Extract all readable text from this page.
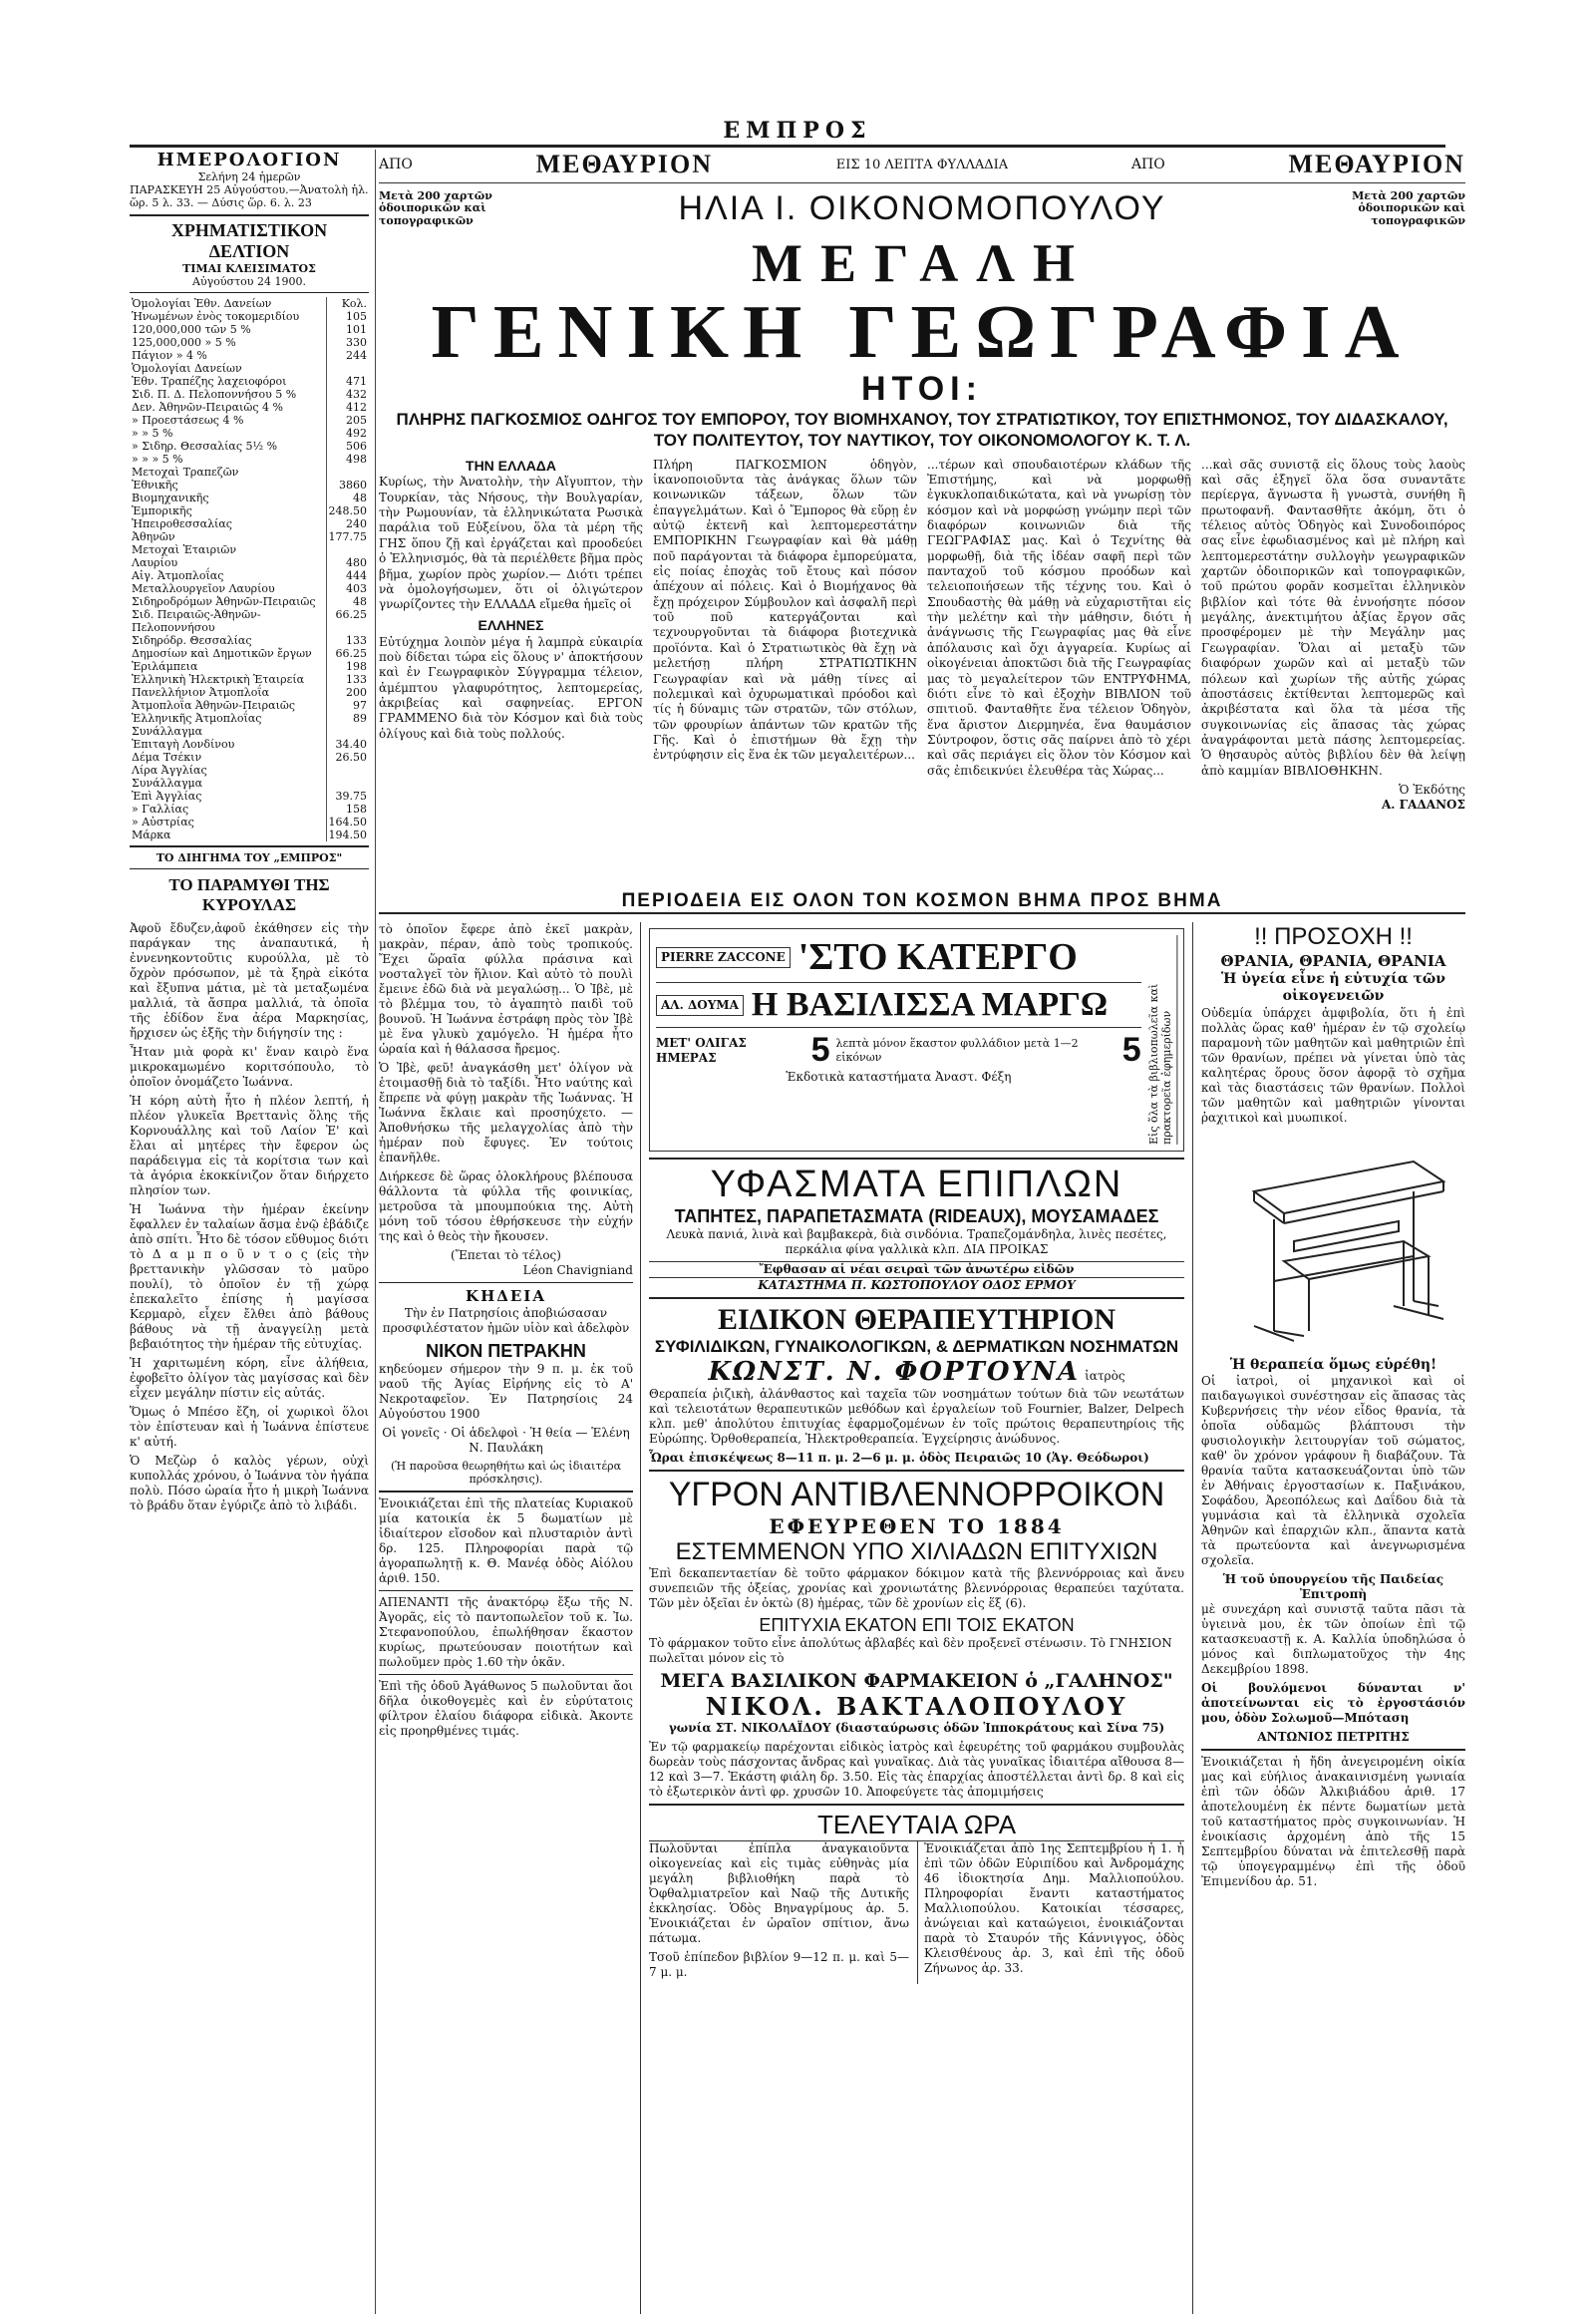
ΕΜΠΡΟΣ
ΗΜΕΡΟΛΟΓΙΟΝ
Σελήνη 24 ἡμερῶν
ΠΑΡΑΣΚΕΥΗ 25 Αὐγούστου.—Ἀνατολὴ ἡλ. ὥρ. 5 λ. 33. — Δύσις ὥρ. 6. λ. 23
ΧΡΗΜΑΤΙΣΤΙΚΟΝ ΔΕΛΤΙΟΝ
ΤΙΜΑΙ ΚΛΕΙΣΙΜΑΤΟΣ
Αὐγούστου 24 1900.
Ὁμολογίαι Ἐθν. Δανείων	Κολ.
Ἡνωμένων ἐνὸς τοκομεριδίου	105
120,000,000 τῶν 5 %	101
125,000,000 » 5 %	330
Πάγιον » 4 %	244
Ὁμολογίαι Δανείων	
Ἐθν. Τραπέζης λαχειοφόροι	471
Σιδ. Π. Δ. Πελοποννήσου 5 %	432
Δεν. Ἀθηνῶν-Πειραιῶς 4 %	412
» Προεστάσεως 4 %	205
» » 5 %	492
» Σιδηρ. Θεσσαλίας 5½ %	506
» » » 5 %	498
Μετοχαὶ Τραπεζῶν	
Ἐθνικῆς	3860
Βιομηχανικῆς	48
Ἐμπορικῆς	248.50
Ἠπειροθεσσαλίας	240
Ἀθηνῶν	177.75
Μετοχαὶ Ἑταιριῶν	
Λαυρίου	480
Αἰγ. Ἀτμοπλοΐας	444
Μεταλλουργεῖον Λαυρίου	403
Σιδηροδρόμων Ἀθηνῶν-Πειραιῶς	48
Σιδ. Πειραιῶς-Ἀθηνῶν-Πελοποννήσου	66.25
Σιδηρόδρ. Θεσσαλίας	133
Δημοσίων καὶ Δημοτικῶν ἔργων	66.25
Ἐριλάμπεια	198
Ἑλληνικὴ Ἠλεκτρικὴ Ἑταιρεία	133
Πανελλήνιον Ἀτμοπλοΐα	200
Ἀτμοπλοΐα Ἀθηνῶν-Πειραιῶς	97
Ἑλληνικῆς Ἀτμοπλοΐας	89
Συνάλλαγμα	
Ἐπιταγὴ Λονδίνου	34.40
Δέμα Τσέκιν	26.50
Λίρα Ἀγγλίας	
Συνάλλαγμα	
Ἐπὶ Ἀγγλίας	39.75
» Γαλλίας	158
» Αὐστρίας	164.50
Μάρκα	194.50
ΤΟ ΔΙΗΓΗΜΑ ΤΟΥ „ΕΜΠΡΟΣ"
ΤΟ ΠΑΡΑΜΥΘΙ ΤΗΣ ΚΥΡΟΥΛΑΣ

Ἀφοῦ ἔδυζεν,ἀφοῦ ἐκάθησεν εἰς τὴν παράγκαν της ἀναπαυτικά, ἡ ἐννενηκοντοῦτις κυρούλλα, μὲ τὸ ὄχρὸν πρόσωπον, μὲ τὰ ξηρὰ εἰκότα καὶ ἔξυπνα μάτια, μὲ τὰ μεταξωμένα μαλλιά, τὰ ἄσπρα μαλλιά, τὰ ὁποῖα τῆς ἐδίδον ἕνα ἀέρα Μαρκησίας, ἤρχισεν ὡς ἑξῆς τὴν διήγησίν της :

Ἦταν μιὰ φορὰ κι' ἕναν καιρὸ ἕνα μικροκαμωμένο κοριτσόπουλο, τὸ ὁποῖον ὀνομάζετο Ἰωάννα.

Ἡ κόρη αὐτὴ ἦτο ἡ πλέον λεπτή, ἡ πλέον γλυκεῖα Βρεττανὶς ὅλης τῆς Κορνουάλλης καὶ τοῦ Λαίον Ἐ' καὶ ἔλαι αἱ μητέρες τὴν ἔφερον ὡς παράδειγμα εἰς τὰ κορίτσια των καὶ τὰ ἀγόρια ἐκοκκίνιζον ὅταν διήρχετο πλησίον των.

Ἡ Ἰωάννα τὴν ἡμέραν ἐκείνην ἔφαλλεν ἐν ταλαίων ἄσμα ἐνῷ ἐβάδιζε ἀπὸ σπίτι. Ἦτο δὲ τόσον εὔθυμος διότι τὸ Δ α μ π ο ῦ ν τ ο ς (εἰς τὴν βρεττανικὴν γλῶσσαν τὸ μαῦρο πουλί), τὸ ὁποῖον ἐν τῇ χώρᾳ ἐπεκαλεῖτο ἐπίσης ἡ μαγίσσα Κερμαρὸ, εἶχεν ἔλθει ἀπὸ βάθους βάθους νὰ τῇ ἀναγγείλῃ μετὰ βεβαιότητος τὴν ἡμέραν τῆς εὐτυχίας.

Ἡ χαριτωμένη κόρη, εἶνε ἀλήθεια, ἐφοβεῖτο ὀλίγον τὰς μαγίσσας καὶ δὲν εἶχεν μεγάλην πίστιν εἰς αὐτάς.

Ὅμως ὁ Μπέσο ἔζη, οἱ χωρικοὶ ὅλοι τὸν ἐπίστευαν καὶ ἡ Ἰωάννα ἐπίστευε κ' αὐτή.

Ὁ Μεζὼρ ὁ καλὸς γέρων, οὐχὶ κυπολλάς χρόνου, ὁ Ἰωάννα τὸν ἠγάπα πολὺ. Πόσο ὡραία ἦτο ἡ μικρὴ Ἰωάννα τὸ βράδυ ὅταν ἐγύριζε ἀπὸ τὸ λιβάδι.

ΑΠΟ	ΜΕΘΑΥΡΙΟΝ	ΕΙΣ 10 ΛΕΠΤΑ ΦΥΛΛΑΔΙΑ	ΑΠΟ	ΜΕΘΑΥΡΙΟΝ
Μετὰ 200 χαρτῶν ὁδοιπορικῶν καὶ τοπογραφικῶν	ΗΛΙΑ Ι. ΟΙΚΟΝΟΜΟΠΟΥΛΟΥ	Μετὰ 200 χαρτῶν ὁδοιπορικῶν καὶ τοπογραφικῶν
ΜΕΓΑΛΗ
ΓΕΝΙΚΗ ΓΕΩΓΡΑΦΙΑ
ΗΤΟΙ:
ΠΛΗΡΗΣ ΠΑΓΚΟΣΜΙΟΣ ΟΔΗΓΟΣ ΤΟΥ ΕΜΠΟΡΟΥ, ΤΟΥ ΒΙΟΜΗΧΑΝΟΥ, ΤΟΥ ΣΤΡΑΤΙΩΤΙΚΟΥ, ΤΟΥ ΕΠΙΣΤΗΜΟΝΟΣ, ΤΟΥ ΔΙΔΑΣΚΑΛΟΥ, ΤΟΥ ΠΟΛΙΤΕΥΤΟΥ, ΤΟΥ ΝΑΥΤΙΚΟΥ, ΤΟΥ ΟΙΚΟΝΟΜΟΛΟΓΟΥ Κ. Τ. Λ.
ΤΗΝ ΕΛΛΑΔΑ

Κυρίως, τὴν Ἀνατολὴν, τὴν Αἴγυπτον, τὴν Τουρκίαν, τὰς Νήσους, τὴν Βουλγαρίαν, τὴν Ρωμουνίαν, τὰ ἑλληνικώτατα Ρωσικὰ παράλια τοῦ Εὐξείνου, ὅλα τὰ μέρη τῆς ΓΗΣ ὅπου ζῇ καὶ ἐργάζεται καὶ προοδεύει ὁ Ἑλληνισμός, θὰ τὰ περιέλθετε βῆμα πρὸς βῆμα, χωρίον πρὸς χωρίον.— Διότι τρέπει νὰ ὁμολογήσωμεν, ὅτι οἱ ὀλιγώτερον γνωρίζοντες τὴν ΕΛΛΑΔΑ εἴμεθα ἡμεῖς οἱ

ΕΛΛΗΝΕΣ

Εὐτύχημα λοιπὸν μέγα ἡ λαμπρὰ εὐκαιρία ποὺ δίδεται τώρα εἰς ὅλους ν' ἀποκτήσουν καὶ ἐν Γεωγραφικὸν Σύγγραμμα τέλειον, ἀμέμπτου γλαφυρότητος, λεπτομερείας, ἀκριβείας καὶ σαφηνείας. ΕΡΓΟΝ ΓΡΑΜΜΕΝΟ διὰ τὸν Κόσμον καὶ διὰ τοὺς ὀλίγους καὶ διὰ τοὺς πολλούς.

Πλήρη ΠΑΓΚΟΣΜΙΟΝ ὁδηγὸν, ἱκανοποιοῦντα τὰς ἀνάγκας ὅλων τῶν κοινωνικῶν τάξεων, ὅλων τῶν ἐπαγγελμάτων. Καὶ ὁ Ἔμπορος θὰ εὕρῃ ἐν αὐτῷ ἐκτενῆ καὶ λεπτομερεστάτην ΕΜΠΟΡΙΚΗΝ Γεωγραφίαν καὶ θὰ μάθῃ ποῦ παράγονται τὰ διάφορα ἐμπορεύματα, εἰς ποίας ἐποχὰς τοῦ ἔτους καὶ πόσον ἀπέχουν αἱ πόλεις. Καὶ ὁ Βιομήχανος θὰ ἔχῃ πρόχειρον Σύμβουλον καὶ ἀσφαλῆ περὶ τοῦ ποῦ κατεργάζονται καὶ τεχνουργοῦνται τὰ διάφορα βιοτεχνικὰ προϊόντα. Καὶ ὁ Στρατιωτικὸς θὰ ἔχῃ νὰ μελετήσῃ πλήρη ΣΤΡΑΤΙΩΤΙΚΗΝ Γεωγραφίαν καὶ νὰ μάθῃ τίνες αἱ πολεμικαὶ καὶ ὀχυρωματικαὶ πρόοδοι καὶ τίς ἡ δύναμις τῶν στρατῶν, τῶν στόλων, τῶν φρουρίων ἁπάντων τῶν κρατῶν τῆς Γῆς. Καὶ ὁ ἐπιστήμων θὰ ἔχῃ τὴν ἐντρύφησιν εἰς ἕνα ἐκ τῶν μεγαλειτέρων...

...τέρων καὶ σπουδαιοτέρων κλάδων τῆς Ἐπιστήμης, καὶ νὰ μορφωθῇ ἐγκυκλοπαιδικώτατα, καὶ νὰ γνωρίσῃ τὸν κόσμον καὶ νὰ μορφώσῃ γνώμην περὶ τῶν διαφόρων κοινωνιῶν διὰ τῆς ΓΕΩΓΡΑΦΙΑΣ μας. Καὶ ὁ Τεχνίτης θὰ μορφωθῇ, διὰ τῆς ἰδέαν σαφῆ περὶ τῶν πανταχοῦ τοῦ κόσμου προόδων καὶ τελειοποιήσεων τῆς τέχνης του. Καὶ ὁ Σπουδαστὴς θὰ μάθῃ νὰ εὐχαριστῆται εἰς τὴν μελέτην καὶ τὴν μάθησιν, διότι ἡ ἀνάγνωσις τῆς Γεωγραφίας μας θὰ εἶνε ἀπόλαυσις καὶ ὄχι ἀγγαρεία. Κυρίως αἱ οἰκογένειαι ἀποκτῶσι διὰ τῆς Γεωγραφίας μας τὸ μεγαλείτερον τῶν ΕΝΤΡΥΦΗΜΑ, διότι εἶνε τὸ καὶ ἐξοχὴν ΒΙΒΛΙΟΝ τοῦ σπιτιοῦ. Φανταθῆτε ἕνα τέλειον Ὁδηγὸν, ἕνα ἄριστον Διερμηνέα, ἕνα θαυμάσιον Σύντροφον, ὅστις σᾶς παίρνει ἀπὸ τὸ χέρι καὶ σᾶς περιάγει εἰς ὅλον τὸν Κόσμον καὶ σᾶς ἐπιδεικνύει ἐλευθέρα τὰς Χώρας...

...καὶ σᾶς συνιστᾷ εἰς ὅλους τοὺς λαοὺς καὶ σᾶς ἐξηγεῖ ὅλα ὅσα συναντᾶτε περίεργα, ἄγνωστα ἢ γνωστὰ, συνήθη ἢ πρωτοφανῆ. Φαντασθῆτε ἀκόμη, ὅτι ὁ τέλειος αὐτὸς Ὁδηγὸς καὶ Συνοδοιπόρος σας εἶνε ἐφωδιασμένος καὶ μὲ πλήρη καὶ λεπτομερεστάτην συλλογὴν γεωγραφικῶν χαρτῶν ὁδοιπορικῶν καὶ τοπογραφικῶν, τοῦ πρώτου φορᾶν κοσμεῖται ἑλληνικὸν βιβλίον καὶ τότε θὰ ἐννοήσητε πόσον μεγάλης, ἀνεκτιμήτου ἀξίας ἔργον σᾶς προσφέρομεν μὲ τὴν Μεγάλην μας Γεωγραφίαν. Ὅλαι αἱ μεταξὺ τῶν διαφόρων χωρῶν καὶ αἱ μεταξὺ τῶν πόλεων καὶ χωρίων τῆς αὐτῆς χώρας ἀποστάσεις ἐκτίθενται λεπτομερῶς καὶ ἀκριβέστατα καὶ ὅλα τὰ μέσα τῆς συγκοινωνίας εἰς ἅπασας τὰς χώρας ἀναγράφονται μετὰ πάσης λεπτομερείας. Ὁ θησαυρὸς αὐτὸς βιβλίου δὲν θὰ λείψῃ ἀπὸ καμμίαν ΒΙΒΛΙΟΘΗΚΗΝ.

Ὁ Ἐκδότης
Α. ΓΑΔΑΝΟΣ
ΠΕΡΙΟΔΕΙΑ ΕΙΣ ΟΛΟΝ ΤΟΝ ΚΟΣΜΟΝ ΒΗΜΑ ΠΡΟΣ ΒΗΜΑ

τὸ ὁποῖον ἔφερε ἀπὸ ἐκεῖ μακρὰν, μακρὰν, πέραν, ἀπὸ τοὺς τροπικούς. Ἔχει ὥραῖα φύλλα πράσινα καὶ νοσταλγεῖ τὸν ἥλιον. Καὶ αὐτὸ τὸ πουλὶ ἔμεινε ἐδῶ διὰ νὰ μεγαλώσῃ... Ὁ Ἰβὲ, μὲ τὸ βλέμμα του, τὸ ἀγαπητὸ παιδὶ τοῦ βουνοῦ. Ἡ Ἰωάννα ἐστράφη πρὸς τὸν Ἰβὲ μὲ ἕνα γλυκὺ χαμόγελο. Ἡ ἡμέρα ἦτο ὡραία καὶ ἡ θάλασσα ἤρεμος.

Ὁ Ἰβὲ, φεῦ! ἀναγκάσθη μετ' ὀλίγον νὰ ἑτοιμασθῇ διὰ τὸ ταξίδι. Ἦτο ναύτης καὶ ἔπρεπε νὰ φύγῃ μακρὰν τῆς Ἰωάννας. Ἡ Ἰωάννα ἔκλαιε καὶ προσηύχετο. — Ἀποθνήσκω τῆς μελαγχολίας ἀπὸ τὴν ἡμέραν ποὺ ἔφυγες. Ἐν τούτοις ἐπανῆλθε.

Διήρκεσε δὲ ὥρας ὁλοκλήρους βλέπουσα θάλλοντα τὰ φύλλα τῆς φοινικίας, μετροῦσα τὰ μπουμπούκια της. Αὐτὴ μόνη τοῦ τόσου ἐθρήσκευσε τὴν εὐχήν της καὶ ὁ θεὸς τὴν ἤκουσεν.

(Ἔπεται τὸ τέλος)
Léon Chavigniand
ΚΗΔΕΙΑ

Τὴν ἐν Πατρησίοις ἀποβιώσασαν προσφιλέστατον ἡμῶν υἱὸν καὶ ἀδελφὸν

ΝΙΚΟΝ ΠΕΤΡΑΚΗΝ

κηδεύομεν σήμερον τὴν 9 π. μ. ἐκ τοῦ ναοῦ τῆς Ἁγίας Εἰρήνης εἰς τὸ Α' Νεκροταφεῖον. Ἐν Πατρησίοις 24 Αὐγούστου 1900

Οἱ γονεῖς · Οἱ ἀδελφοὶ · Ἡ θεία — Ἑλένη Ν. Παυλάκη

(Ἡ παροῦσα θεωρηθήτω καὶ ὡς ἰδιαιτέρα πρόσκλησις).

Ἐνοικιάζεται ἐπὶ τῆς πλατείας Κυριακοῦ μία κατοικία ἐκ 5 δωματίων μὲ ἰδιαίτερον εἴσοδον καὶ πλυσταριὸν ἀντὶ δρ. 125. Πληροφορίαι παρὰ τῷ ἀγοραπωλητῇ κ. Θ. Μανέᾳ ὁδὸς Αἰόλου ἀριθ. 150.

ΑΠΕΝΑΝΤΙ τῆς ἀνακτόρῳ ἔξω τῆς Ν. Ἀγορᾶς, εἰς τὸ παντοπωλεῖον τοῦ κ. Ἰω. Στεφανοπούλου, ἐπωλήθησαν ἕκαστον κυρίως, πρωτεύουσαν ποιοτήτων καὶ πωλοῦμεν πρὸς 1.60 τὴν ὀκᾶν.

Ἐπὶ τῆς ὁδοῦ Ἀγάθωνος 5 πωλοῦνται ἄοι δῆλα ὀικοθογεμὲς καὶ ἐν εὐρύτατοις φίλτρον ἐλαίου διάφορα εἰδικὰ. Ἀκοντε εἰς προηρθμένες τιμάς.

PIERRE ZACCONE 'ΣΤΟ ΚΑΤΕΡΓΟ
ΑΛ. ΔΟΥΜΑ Η ΒΑΣΙΛΙΣΣΑ ΜΑΡΓΩ
ΜΕΤ' ΟΛΙΓΑΣ ΗΜΕΡΑΣ	5 λεπτὰ μόνον ἕκαστον φυλλάδιον μετὰ 1—2 εἰκόνων	5
Ἐκδοτικὰ καταστήματα Ἀναστ. Φέξη	Εἰς ὅλα τὰ βιβλιοπωλεῖα καὶ πρακτορεῖα ἐφημερίδων
ΥΦΑΣΜΑΤΑ ΕΠΙΠΛΩΝ
ΤΑΠΗΤΕΣ, ΠΑΡΑΠΕΤΑΣΜΑΤΑ (RIDEAUX), ΜΟΥΣΑΜΑΔΕΣ

Λευκὰ πανιά, λινὰ καὶ βαμβακερὰ, διὰ σινδόνια. Τραπεζομάνδηλα, λινὲς πεσέτες, περκάλια φίνα γαλλικὰ κλπ. ΔΙΑ ΠΡΟΙΚΑΣ

Ἔφθασαν αἱ νέαι σειραὶ τῶν ἀνωτέρω εἰδῶν
ΚΑΤΑΣΤΗΜΑ Π. ΚΩΣΤΟΠΟΥΛΟΥ ΟΔΟΣ ΕΡΜΟΥ
ΕΙΔΙΚΟΝ ΘΕΡΑΠΕΥΤΗΡΙΟΝ
ΣΥΦΙΛΙΔΙΚΩΝ, ΓΥΝΑΙΚΟΛΟΓΙΚΩΝ, & ΔΕΡΜΑΤΙΚΩΝ ΝΟΣΗΜΑΤΩΝ
ΚΩΝΣΤ. Ν. ΦΟΡΤΟΥΝΑ ἰατρὸς

Θεραπεία ῥιζικὴ, ἀλάνθαστος καὶ ταχεῖα τῶν νοσημάτων τούτων διὰ τῶν νεωτάτων καὶ τελειοτάτων θεραπευτικῶν μεθόδων καὶ ἐργαλείων τοῦ Fournier, Balzer, Delpech κλπ. μεθ' ἀπολύτου ἐπιτυχίας ἐφαρμοζομένων ἐν τοῖς πρώτοις θεραπευτηρίοις τῆς Εὐρώπης. Ὀρθοθεραπεία, Ἠλεκτροθεραπεία. Ἐγχείρησις ἀνώδυνος.

Ὧραι ἐπισκέψεως 8—11 π. μ. 2—6 μ. μ. ὁδὸς Πειραιῶς 10 (Ἁγ. Θεόδωροι)

ΥΓΡΟΝ ΑΝΤΙΒΛΕΝΝΟΡΡΟΙΚΟΝ
ΕΦΕΥΡΕΘΕΝ ΤΟ 1884
ΕΣΤΕΜΜΕΝΟΝ ΥΠΟ ΧΙΛΙΑΔΩΝ ΕΠΙΤΥΧΙΩΝ

Ἐπὶ δεκαπενταετίαν δὲ τοῦτο φάρμακον δόκιμον κατὰ τῆς βλεννόρροιας καὶ ἄνευ συνεπειῶν τῆς ὀξείας, χρονίας καὶ χρονιωτάτης βλεννόρροιας θεραπεύει ταχύτατα. Τῶν μὲν ὀξεῖαι ἐν ὀκτὼ (8) ἡμέρας, τῶν δὲ χρονίων εἰς ἕξ (6).

ΕΠΙΤΥΧΙΑ ΕΚΑΤΟΝ ΕΠΙ ΤΟΙΣ ΕΚΑΤΟΝ

Τὸ φάρμακον τοῦτο εἶνε ἀπολύτως ἀβλαβές καὶ δὲν προξενεῖ στένωσιν. Τὸ ΓΝΗΣΙΟΝ πωλεῖται μόνον εἰς τὸ

ΜΕΓΑ ΒΑΣΙΛΙΚΟΝ ΦΑΡΜΑΚΕΙΟΝ ὁ „ΓΑΛΗΝΟΣ"
ΝΙΚΟΛ. ΒΑΚΤΑΛΟΠΟΥΛΟΥ

γωνία ΣΤ. ΝΙΚΟΛΑΪΔΟΥ (διασταύρωσις ὁδῶν Ἱπποκράτους καὶ Σίνα 75)

Ἐν τῷ φαρμακείῳ παρέχονται εἰδικὸς ἰατρὸς καὶ ἐφευρέτης τοῦ φαρμάκου συμβουλὰς δωρεὰν τοὺς πάσχοντας ἄνδρας καὶ γυναῖκας. Διὰ τὰς γυναῖκας ἰδιαιτέρα αἴθουσα 8—12 καὶ 3—7. Ἑκάστη φιάλη δρ. 3.50. Εἰς τὰς ἐπαρχίας ἀποστέλλεται ἀντὶ δρ. 8 καὶ εἰς τὸ ἐξωτερικὸν ἀντὶ φρ. χρυσῶν 10. Ἀποφεύγετε τὰς ἀπομιμήσεις

ΤΕΛΕΥΤΑΙΑ ΩΡΑ

Πωλοῦνται ἐπίπλα ἀναγκαιοῦντα οἰκογενείας καὶ εἰς τιμὰς εὐθηνὰς μία μεγάλη βιβλιοθήκη παρὰ τὸ Ὀφθαλμιατρεῖον καὶ Ναῷ τῆς Δυτικῆς ἐκκλησίας. Ὁδὸς Βηναγρίμους ἀρ. 5. Ἐνοικιάζεται ἐν ὡραῖον σπίτιον, ἄνω πάτωμα.

Τσοῦ ἐπίπεδον βιβλίον 9—12 π. μ. καὶ 5—7 μ. μ.

Ἐνοικιάζεται ἀπὸ 1ης Σεπτεμβρίου ἡ 1. ἡ ἐπὶ τῶν ὁδῶν Εὐριπίδου καὶ Ἀνδρομάχης 46 ἰδιοκτησία Δημ. Μαλλιοπούλου. Πληροφορίαι ἔναντι καταστήματος Μαλλιοπούλου. Κατοικίαι τέσσαρες, ἀνώγειαι καὶ καταώγειοι, ἐνοικιάζονται παρὰ τὸ Σταυρόν τῆς Κάννιγγος, ὁδὸς Κλεισθένους ἀρ. 3, καὶ ἐπὶ τῆς ὁδοῦ Ζήνωνος ἀρ. 33.

!! ΠΡΟΣΟΧΗ !!
ΘΡΑΝΙΑ, ΘΡΑΝΙΑ, ΘΡΑΝΙΑ
Ἡ ὑγεία εἶνε ἡ εὐτυχία τῶν οἰκογενειῶν

Οὐδεμία ὑπάρχει ἀμφιβολία, ὅτι ἡ ἐπὶ πολλὰς ὥρας καθ' ἡμέραν ἐν τῷ σχολείῳ παραμονὴ τῶν μαθητῶν καὶ μαθητριῶν ἐπὶ τῶν θρανίων, πρέπει νὰ γίνεται ὑπὸ τὰς καλητέρας ὅρους ὅσον ἀφορᾷ τὸ σχῆμα καὶ τὰς διαστάσεις τῶν θρανίων. Πολλοὶ τῶν μαθητῶν καὶ μαθητριῶν γίνονται ῥαχιτικοὶ καὶ μυωπικοί.

Ἡ θεραπεία ὅμως εὑρέθη!

Οἱ ἰατροὶ, οἱ μηχανικοὶ καὶ οἱ παιδαγωγικοὶ συνέστησαν εἰς ἅπασας τὰς Κυβερνήσεις τὴν νέον εἶδος θρανία, τὰ ὁποῖα οὐδαμῶς βλάπτουσι τὴν φυσιολογικὴν λειτουργίαν τοῦ σώματος, καθ' ὃν χρόνον γράφουν ἢ διαβάζουν. Τὰ θρανία ταῦτα κατασκευάζονται ὑπὸ τῶν ἐν Ἀθήναις ἐργοστασίων κ. Παξινάκου, Σοφάδου, Ἀρεοπόλεως καὶ Δαΐδου διὰ τὰ γυμνάσια καὶ τὰ ἑλληνικὰ σχολεῖα Ἀθηνῶν καὶ ἐπαρχιῶν κλπ., ἅπαντα κατὰ τὰ πρωτεύοντα καὶ ἀνεγνωρισμένα σχολεῖα.

Ἡ τοῦ ὑπουργείου τῆς Παιδείας Ἐπιτροπὴ

μὲ συνεχάρη καὶ συνιστᾷ ταῦτα πᾶσι τὰ ὑγιεινὰ μου, ἐκ τῶν ὁποίων ἐπὶ τῷ κατασκευαστῇ κ. Α. Καλλία ὑποδηλώσα ὁ μόνος καὶ διπλωματοῦχος τὴν 4ης Δεκεμβρίου 1898.

Οἱ βουλόμενοι δύνανται ν' ἀποτείνωνται εἰς τὸ ἐργοστάσιόν μου, ὁδὸν Σολωμοῦ—Μπόταση

ΑΝΤΩΝΙΟΣ ΠΕΤΡΙΤΗΣ

Ἐνοικιάζεται ἡ ἤδη ἀνεγειρομένη οἰκία μας καὶ εὐήλιος ἀνακαινισμένη γωνιαία ἐπὶ τῶν ὁδῶν Ἀλκιβιάδου ἀριθ. 17 ἀποτελουμένη ἐκ πέντε δωματίων μετὰ τοῦ καταστήματος πρὸς συγκοινωνίαν. Ἡ ἐνοικίασις ἀρχομένη ἀπὸ τῆς 15 Σεπτεμβρίου δύναται νὰ ἐπιτελεσθῇ παρὰ τῷ ὑπογεγραμμένῳ ἐπὶ τῆς ὁδοῦ Ἐπιμενίδου ἀρ. 51.
